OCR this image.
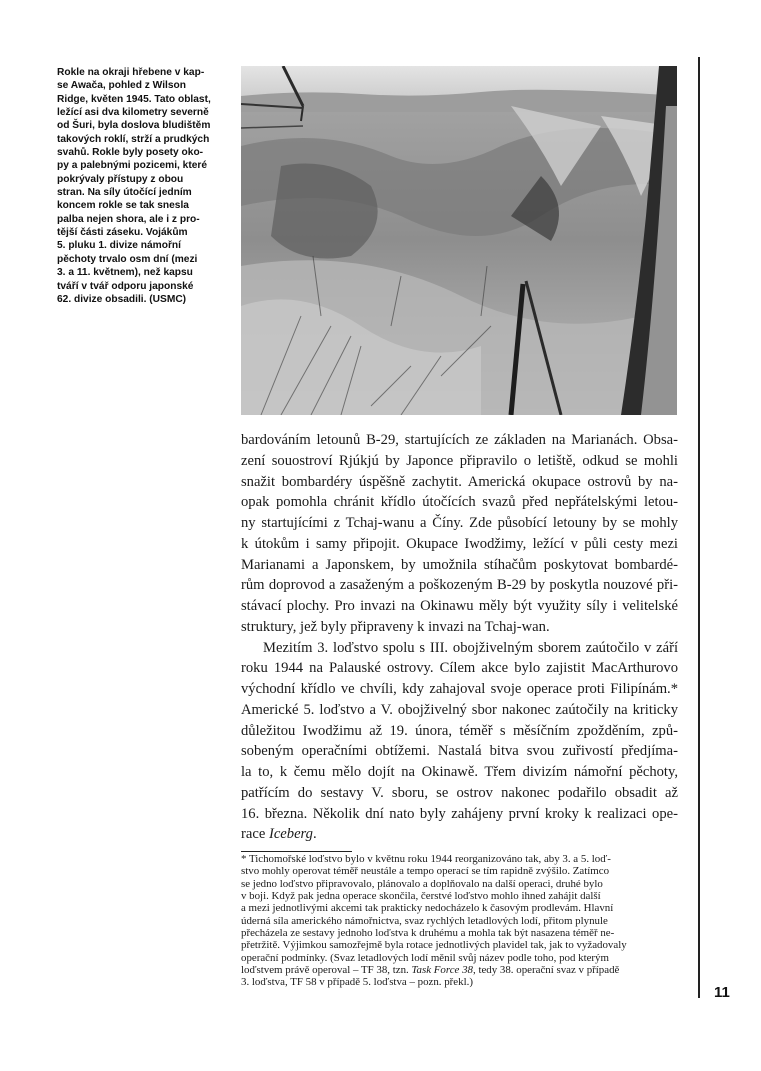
Rokle na okraji hřebene v kap-
se Awača, pohled z Wilson
Ridge, květen 1945. Tato oblast,
ležící asi dva kilometry severně
od Šuri, byla doslova bludištěm
takových roklí, strží a prudkých
svahů. Rokle byly posety oko-
py a palebnými pozicemi, které
pokrývaly přístupy z obou
stran. Na síly útočící jedním
koncem rokle se tak snesla
palba nejen shora, ale i z pro-
tější části záseku. Vojákům
5. pluku 1. divize námořní
pěchoty trvalo osm dní (mezi
3. a 11. květnem), než kapsu
tváří v tvář odporu japonské
62. divize obsadili. (USMC)
bardováním letounů B-29, startujících ze základen na Marianách. Obsa-
zení souostroví Rjúkjú by Japonce připravilo o letiště, odkud se mohli
snažit bombardéry úspěšně zachytit. Americká okupace ostrovů by na-
opak pomohla chránit křídlo útočících svazů před nepřátelskými letou-
ny startujícími z Tchaj-wanu a Číny. Zde působící letouny by se mohly
k útokům i samy připojit. Okupace Iwodžimy, ležící v půli cesty mezi
Marianami a Japonskem, by umožnila stíhačům poskytovat bombardé-
rům doprovod a zasaženým a poškozeným B-29 by poskytla nouzové při-
stávací plochy. Pro invazi na Okinawu měly být využity síly i velitelské
struktury, jež byly připraveny k invazi na Tchaj-wan.
Mezitím 3. loďstvo spolu s III. obojživelným sborem zaútočilo v září
roku 1944 na Palauské ostrovy. Cílem akce bylo zajistit MacArthurovo
východní křídlo ve chvíli, kdy zahajoval svoje operace proti Filipínám.*
Americké 5. loďstvo a V. obojživelný sbor nakonec zaútočily na kriticky
důležitou Iwodžimu až 19. února, téměř s měsíčním zpožděním, způ-
sobeným operačními obtížemi. Nastalá bitva svou zuřivostí předjíma-
la to, k čemu mělo dojít na Okinawě. Třem divizím námořní pěchoty,
patřícím do sestavy V. sboru, se ostrov nakonec podařilo obsadit až
16. března. Několik dní nato byly zahájeny první kroky k realizaci ope-
race Iceberg.
* Tichomořské loďstvo bylo v květnu roku 1944 reorganizováno tak, aby 3. a 5. loď-
stvo mohly operovat téměř neustále a tempo operací se tím rapidně zvýšilo. Zatímco
se jedno loďstvo připravovalo, plánovalo a doplňovalo na další operaci, druhé bylo
v boji. Když pak jedna operace skončila, čerstvé loďstvo mohlo ihned zahájit další
a mezi jednotlivými akcemi tak prakticky nedocházelo k časovým prodlevám. Hlavní
úderná síla amerického námořnictva, svaz rychlých letadlových lodí, přitom plynule
přecházela ze sestavy jednoho loďstva k druhému a mohla tak být nasazena téměř ne-
přetržitě. Výjimkou samozřejmě byla rotace jednotlivých plavidel tak, jak to vyžadovaly
operační podmínky. (Svaz letadlových lodí měnil svůj název podle toho, pod kterým
loďstvem právě operoval – TF 38, tzn. Task Force 38, tedy 38. operační svaz v případě
3. loďstva, TF 58 v případě 5. loďstva – pozn. překl.)
11
